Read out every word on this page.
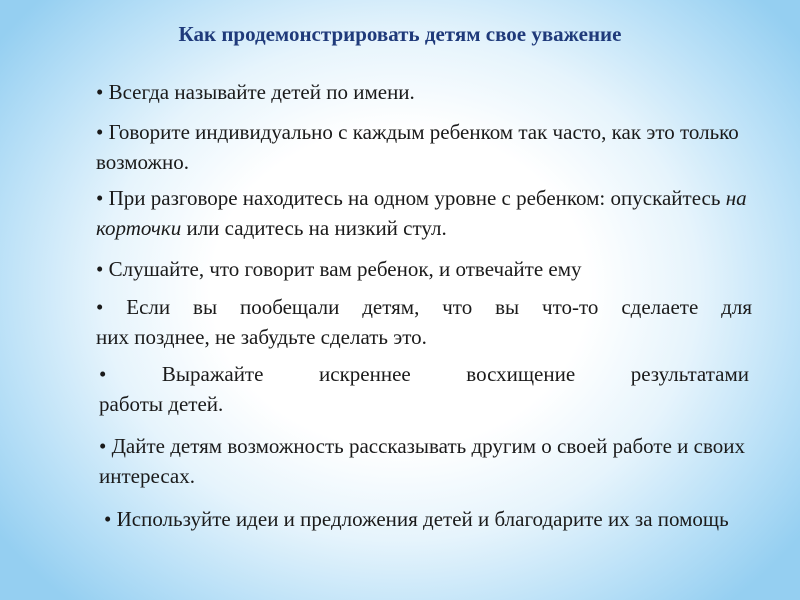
Как продемонстрировать детям свое уважение

• Всегда называйте детей по имени.

• Говорите индивидуально с каждым ребенком так часто, как это только возможно.

• При разговоре находитесь на одном уровне с ребенком: опускайтесь на корточки или садитесь на низкий стул.

• Слушайте, что говорит вам ребенок, и отвечайте ему

• Если вы пообещали детям, что вы что-то сделаете для
них позднее, не забудьте сделать это.
• Выражайте искреннее восхищение результатами
работы детей.

• Дайте детям возможность рассказывать другим о своей работе и своих интересах.

• Используйте идеи и предложения детей и благодарите их за помощь
